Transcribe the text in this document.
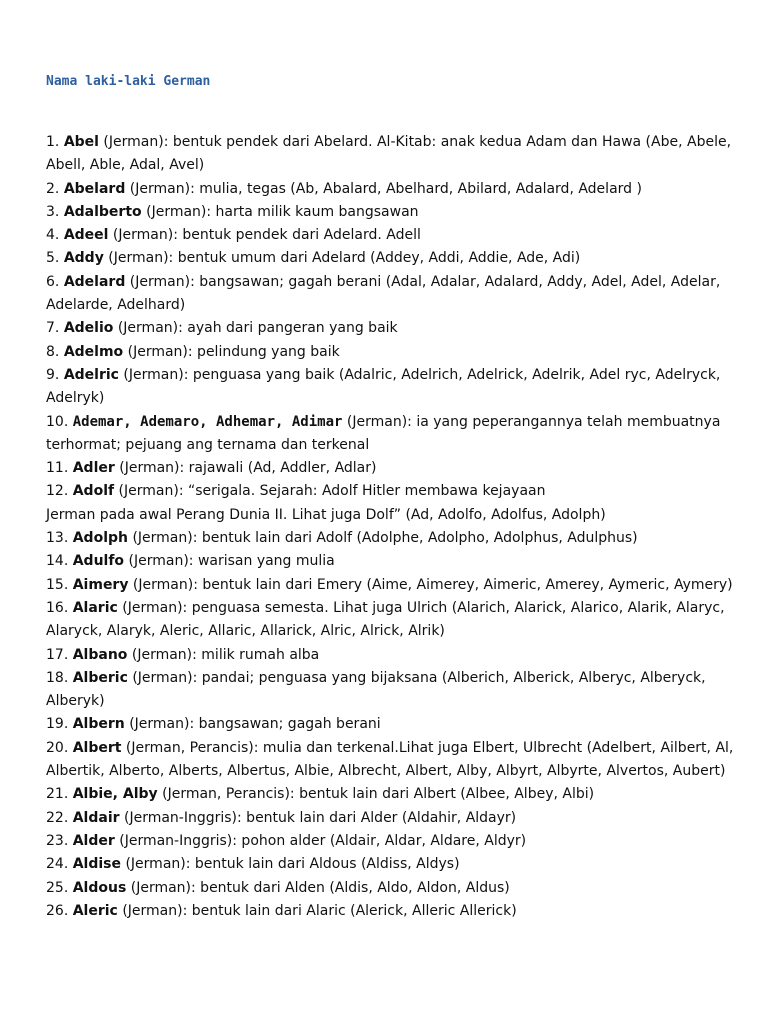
Nama laki-laki German
1. Abel (Jerman): bentuk pendek dari Abelard. Al-Kitab: anak kedua Adam dan Hawa (Abe, Abele, Abell, Able, Adal, Avel)
2. Abelard (Jerman): mulia, tegas (Ab, Abalard, Abelhard, Abilard, Adalard, Adelard )
3. Adalberto (Jerman): harta milik kaum bangsawan
4. Adeel (Jerman): bentuk pendek dari Adelard. Adell
5. Addy (Jerman): bentuk umum dari Adelard (Addey, Addi, Addie, Ade, Adi)
6. Adelard (Jerman): bangsawan; gagah berani (Adal, Adalar, Adalard, Addy, Adel, Adel, Adelar, Adelarde, Adelhard)
7. Adelio (Jerman): ayah dari pangeran yang baik
8. Adelmo (Jerman): pelindung yang baik
9. Adelric (Jerman): penguasa yang baik (Adalric, Adelrich, Adelrick, Adelrik, Adel ryc, Adelryck, Adelryk)
10. Ademar, Ademaro, Adhemar, Adimar (Jerman): ia yang peperangannya telah membuatnya terhormat; pejuang ang ternama dan terkenal
11. Adler (Jerman): rajawali (Ad, Addler, Adlar)
12. Adolf (Jerman): “serigala. Sejarah: Adolf Hitler membawa kejayaan
Jerman pada awal Perang Dunia II. Lihat juga Dolf” (Ad, Adolfo, Adolfus, Adolph)
13. Adolph (Jerman): bentuk lain dari Adolf (Adolphe, Adolpho, Adolphus, Adulphus)
14. Adulfo (Jerman): warisan yang mulia
15. Aimery (Jerman): bentuk lain dari Emery (Aime, Aimerey, Aimeric, Amerey, Aymeric, Aymery)
16. Alaric (Jerman): penguasa semesta. Lihat juga Ulrich (Alarich, Alarick, Alarico, Alarik, Alaryc, Alaryck, Alaryk, Aleric, Allaric, Allarick, Alric, Alrick, Alrik)
17. Albano (Jerman): milik rumah alba
18. Alberic (Jerman): pandai; penguasa yang bijaksana (Alberich, Alberick, Alberyc, Alberyck, Alberyk)
19. Albern (Jerman): bangsawan; gagah berani
20. Albert (Jerman, Perancis): mulia dan terkenal.Lihat juga Elbert, Ulbrecht (Adelbert, Ailbert, Al, Albertik, Alberto, Alberts, Albertus, Albie, Albrecht, Albert, Alby, Albyrt, Albyrte, Alvertos, Aubert)
21. Albie, Alby (Jerman, Perancis): bentuk lain dari Albert (Albee, Albey, Albi)
22. Aldair (Jerman-Inggris): bentuk lain dari Alder (Aldahir, Aldayr)
23. Alder (Jerman-Inggris): pohon alder (Aldair, Aldar, Aldare, Aldyr)
24. Aldise (Jerman): bentuk lain dari Aldous (Aldiss, Aldys)
25. Aldous (Jerman): bentuk dari Alden (Aldis, Aldo, Aldon, Aldus)
26. Aleric (Jerman): bentuk lain dari Alaric (Alerick, Alleric Allerick)
